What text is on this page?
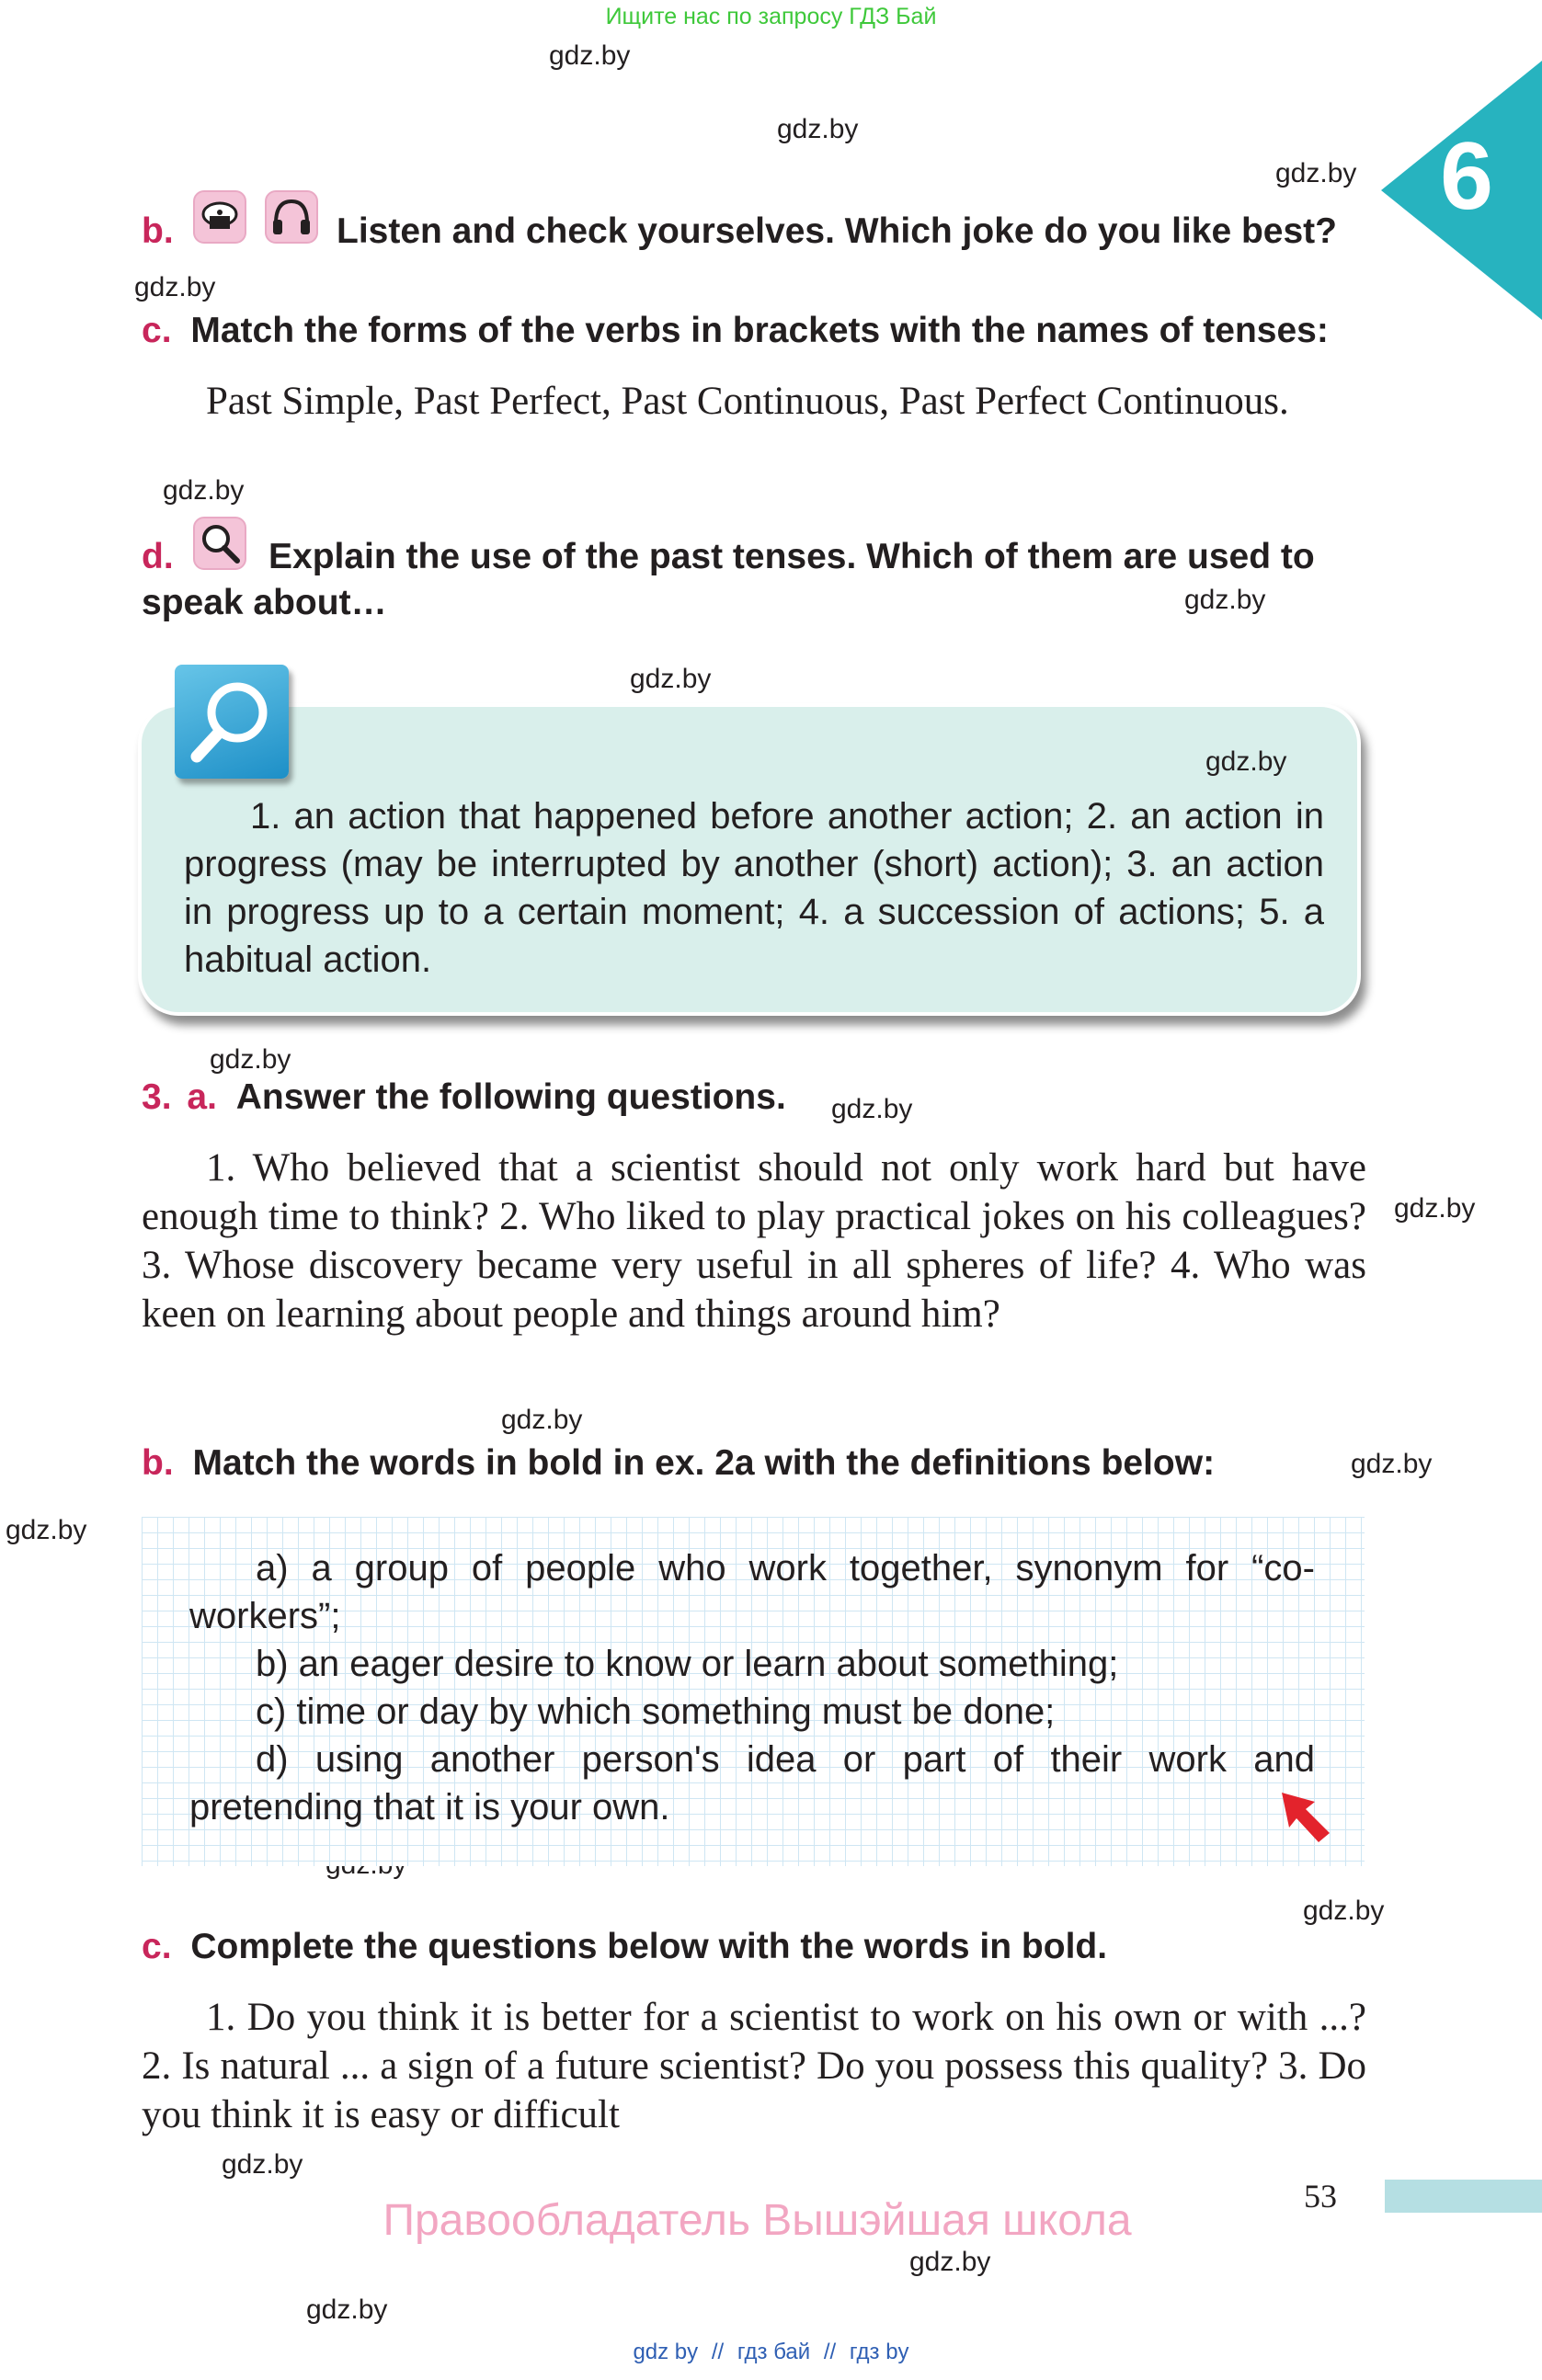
Ищите нас по запросу ГДЗ Бай
6
gdz.by
gdz.by
gdz.by
gdz.by
gdz.by
gdz.by
gdz.by
gdz.by
gdz.by
gdz.by
gdz.by
gdz.by
gdz.by
gdz.by
gdz.by
gdz.by
gdz.by
b.	Listen and check yourselves. Which joke do you like best?
c. Match the forms of the verbs in brackets with the names of tenses:
Past Simple, Past Perfect, Past Continuous, Past Perfect Continuous.
d.	Explain the use of the past tenses. Which of them are used to
speak about…
gdz.by
1. an action that happened before another action; 2. an action in progress (may be interrupted by another (short) action); 3. an action in progress up to a certain moment; 4. a succession of actions; 5. a habitual action.
3. a. Answer the following questions.
1. Who believed that a scientist should not only work hard but have enough time to think? 2. Who liked to play practical jokes on his colleagues? 3. Whose discovery became very useful in all spheres of life? 4. Who was keen on learning about people and things around him?
b. Match the words in bold in ex. 2a with the definitions below:
a) a group of people who work together, synonym for “co-workers”;
b) an eager desire to know or learn about something;
c) time or day by which something must be done;
d) using another person's idea or part of their work and pretending that it is your own.
c. Complete the questions below with the words in bold.
1. Do you think it is better for a scientist to work on his own or with ...? 2. Is natural ... a sign of a future scientist? Do you possess this quality? 3. Do you think it is easy or difficult
53
Правообладатель Вышэйшая школа
gdz by // гдз бай // гдз by
